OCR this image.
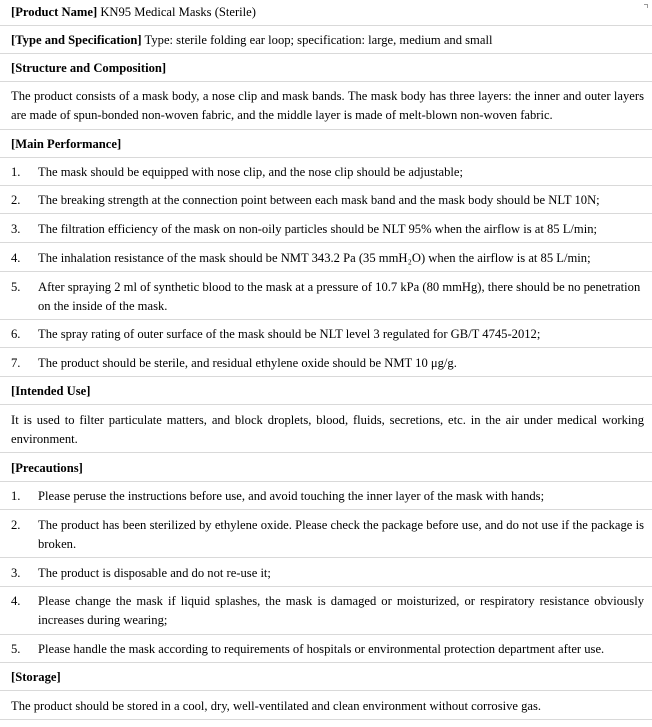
[Product Name] KN95 Medical Masks (Sterile)
[Type and Specification] Type: sterile folding ear loop; specification: large, medium and small
[Structure and Composition]
The product consists of a mask body, a nose clip and mask bands. The mask body has three layers: the inner and outer layers are made of spun-bonded non-woven fabric, and the middle layer is made of melt-blown non-woven fabric.
[Main Performance]
1. The mask should be equipped with nose clip, and the nose clip should be adjustable;
2. The breaking strength at the connection point between each mask band and the mask body should be NLT 10N;
3. The filtration efficiency of the mask on non-oily particles should be NLT 95% when the airflow is at 85 L/min;
4. The inhalation resistance of the mask should be NMT 343.2 Pa (35 mmH₂O) when the airflow is at 85 L/min;
5. After spraying 2 ml of synthetic blood to the mask at a pressure of 10.7 kPa (80 mmHg), there should be no penetration on the inside of the mask.
6. The spray rating of outer surface of the mask should be NLT level 3 regulated for GB/T 4745-2012;
7. The product should be sterile, and residual ethylene oxide should be NMT 10 μg/g.
[Intended Use]
It is used to filter particulate matters, and block droplets, blood, fluids, secretions, etc. in the air under medical working environment.
[Precautions]
1. Please peruse the instructions before use, and avoid touching the inner layer of the mask with hands;
2. The product has been sterilized by ethylene oxide. Please check the package before use, and do not use if the package is broken.
3. The product is disposable and do not re-use it;
4. Please change the mask if liquid splashes, the mask is damaged or moisturized, or respiratory resistance obviously increases during wearing;
5. Please handle the mask according to requirements of hospitals or environmental protection department after use.
[Storage]
The product should be stored in a cool, dry, well-ventilated and clean environment without corrosive gas.
